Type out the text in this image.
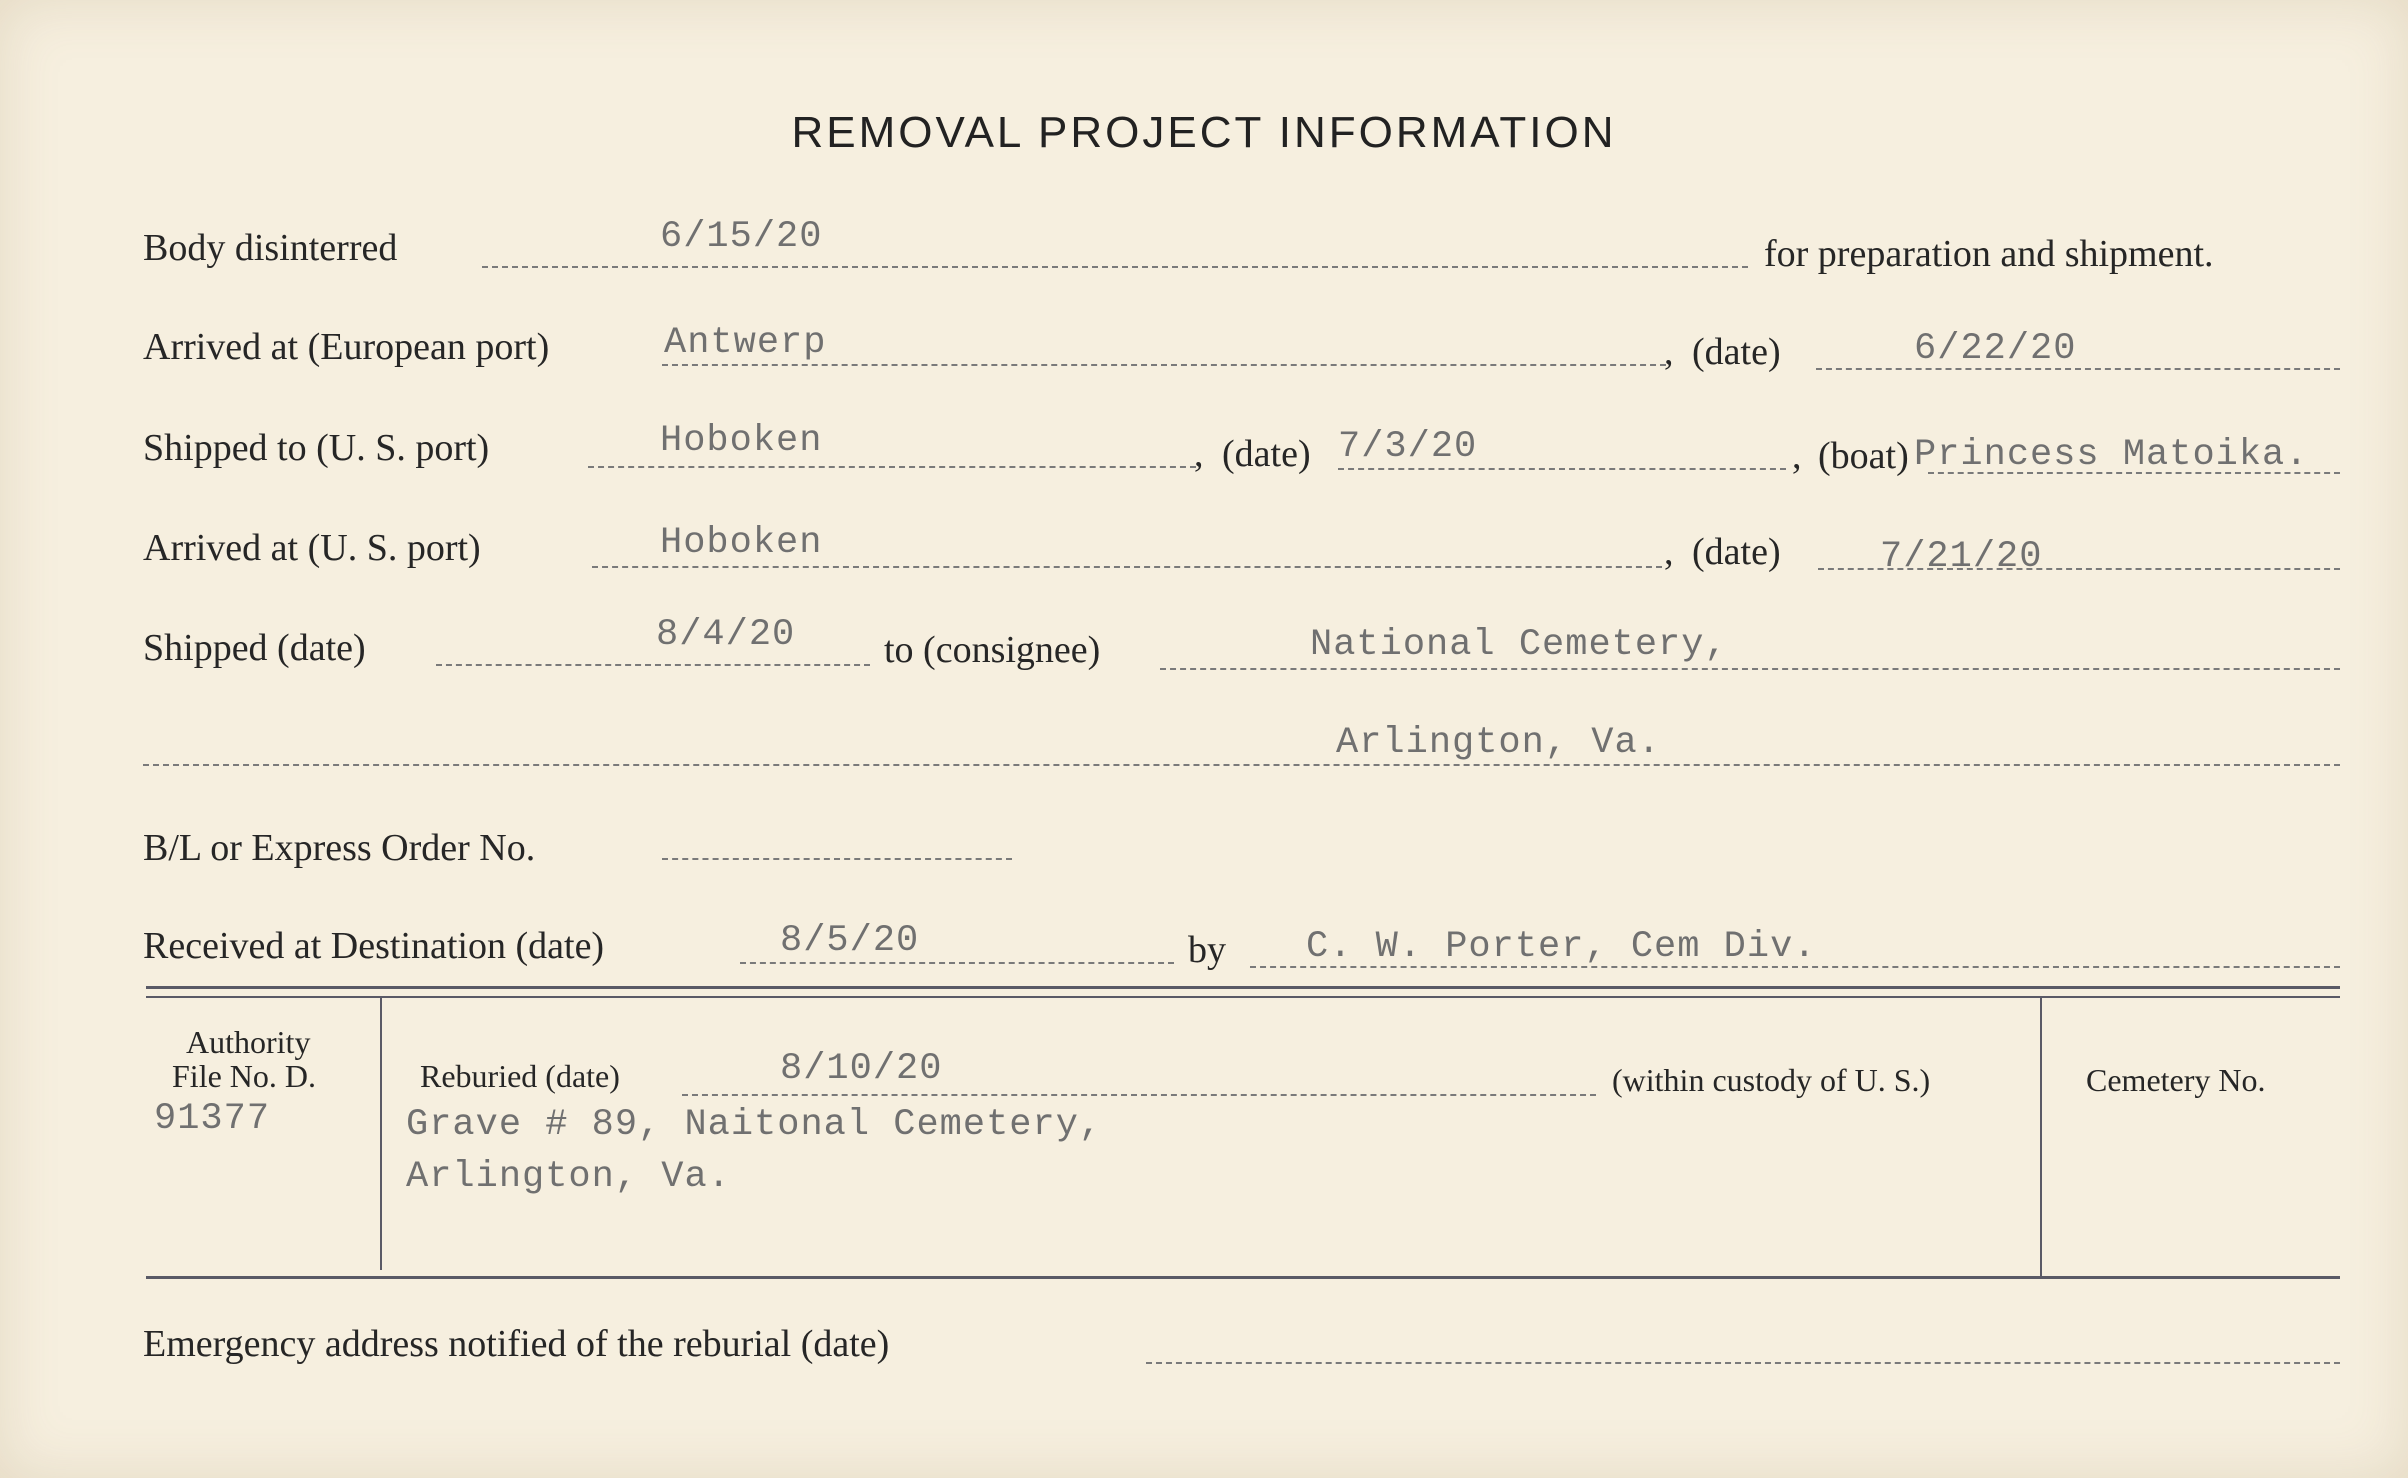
REMOVAL PROJECT INFORMATION
Body disinterred	6/15/20	for preparation and shipment.
Arrived at (European port)	Antwerp	, (date)	6/22/20
Shipped to (U. S. port)	Hoboken	, (date) 7/3/20	, (boat) Princess Matoika.
Arrived at (U. S. port)	Hoboken	, (date)	7/21/20
Shipped (date)	8/4/20 to (consignee)	National Cemetery,
Arlington, Va.
B/L or Express Order No.
Received at Destination (date)	8/5/20	by C. W. Porter, Cem Div.
Authority
File No. D.
91377
Reburied (date)	8/10/20	(within custody of U. S.)
Grave # 89, Naitonal Cemetery,
Arlington, Va.
Cemetery No.
Emergency address notified of the reburial (date)
